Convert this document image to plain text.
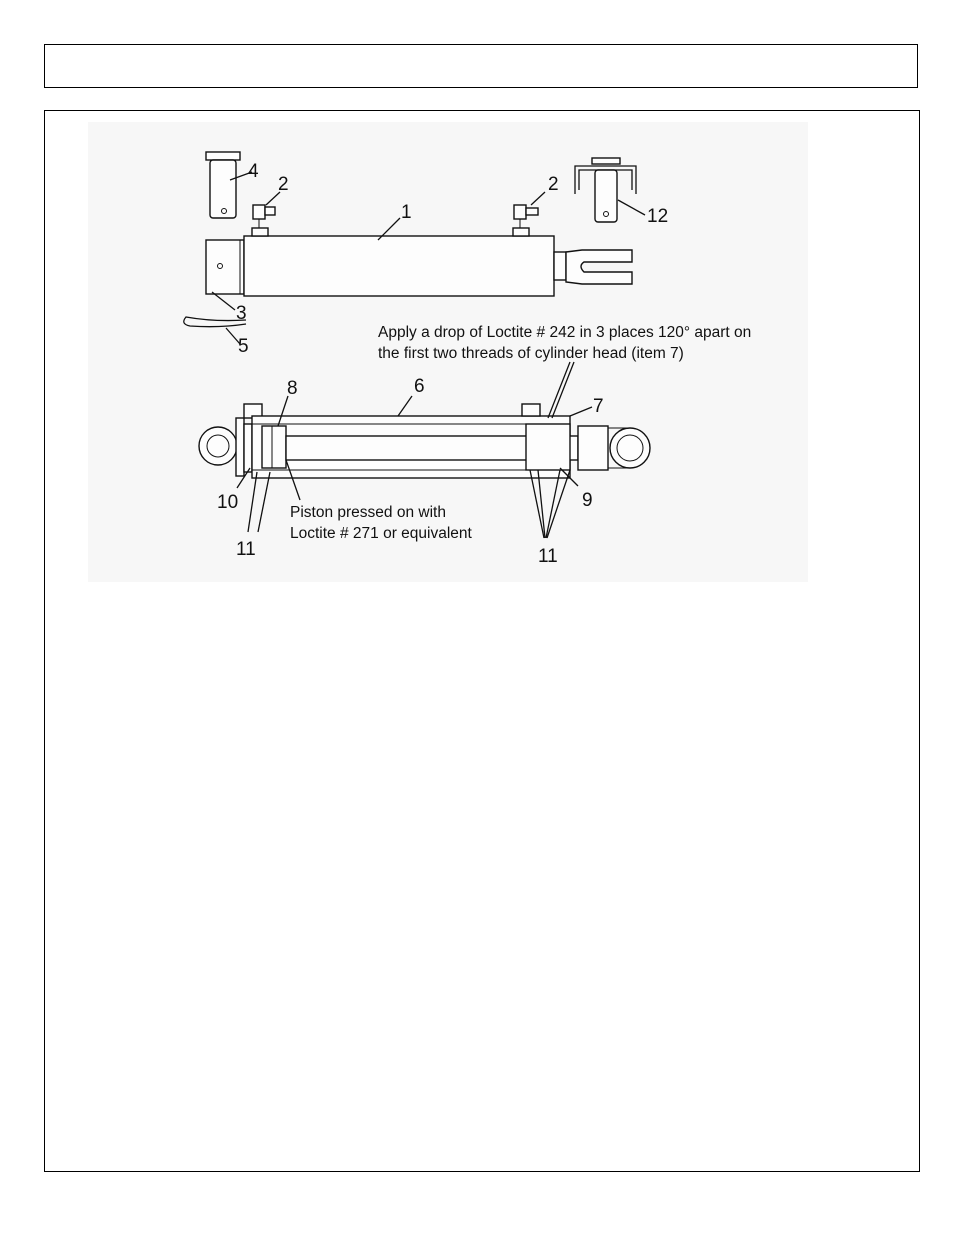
4
2
1
2
12
3
5
6
8
7
9
10
11	11
Apply a drop of Loctite # 242 in 3 places 120° apart on
the first two threads of cylinder head (item 7)
Piston pressed on with
Loctite # 271 or equivalent
